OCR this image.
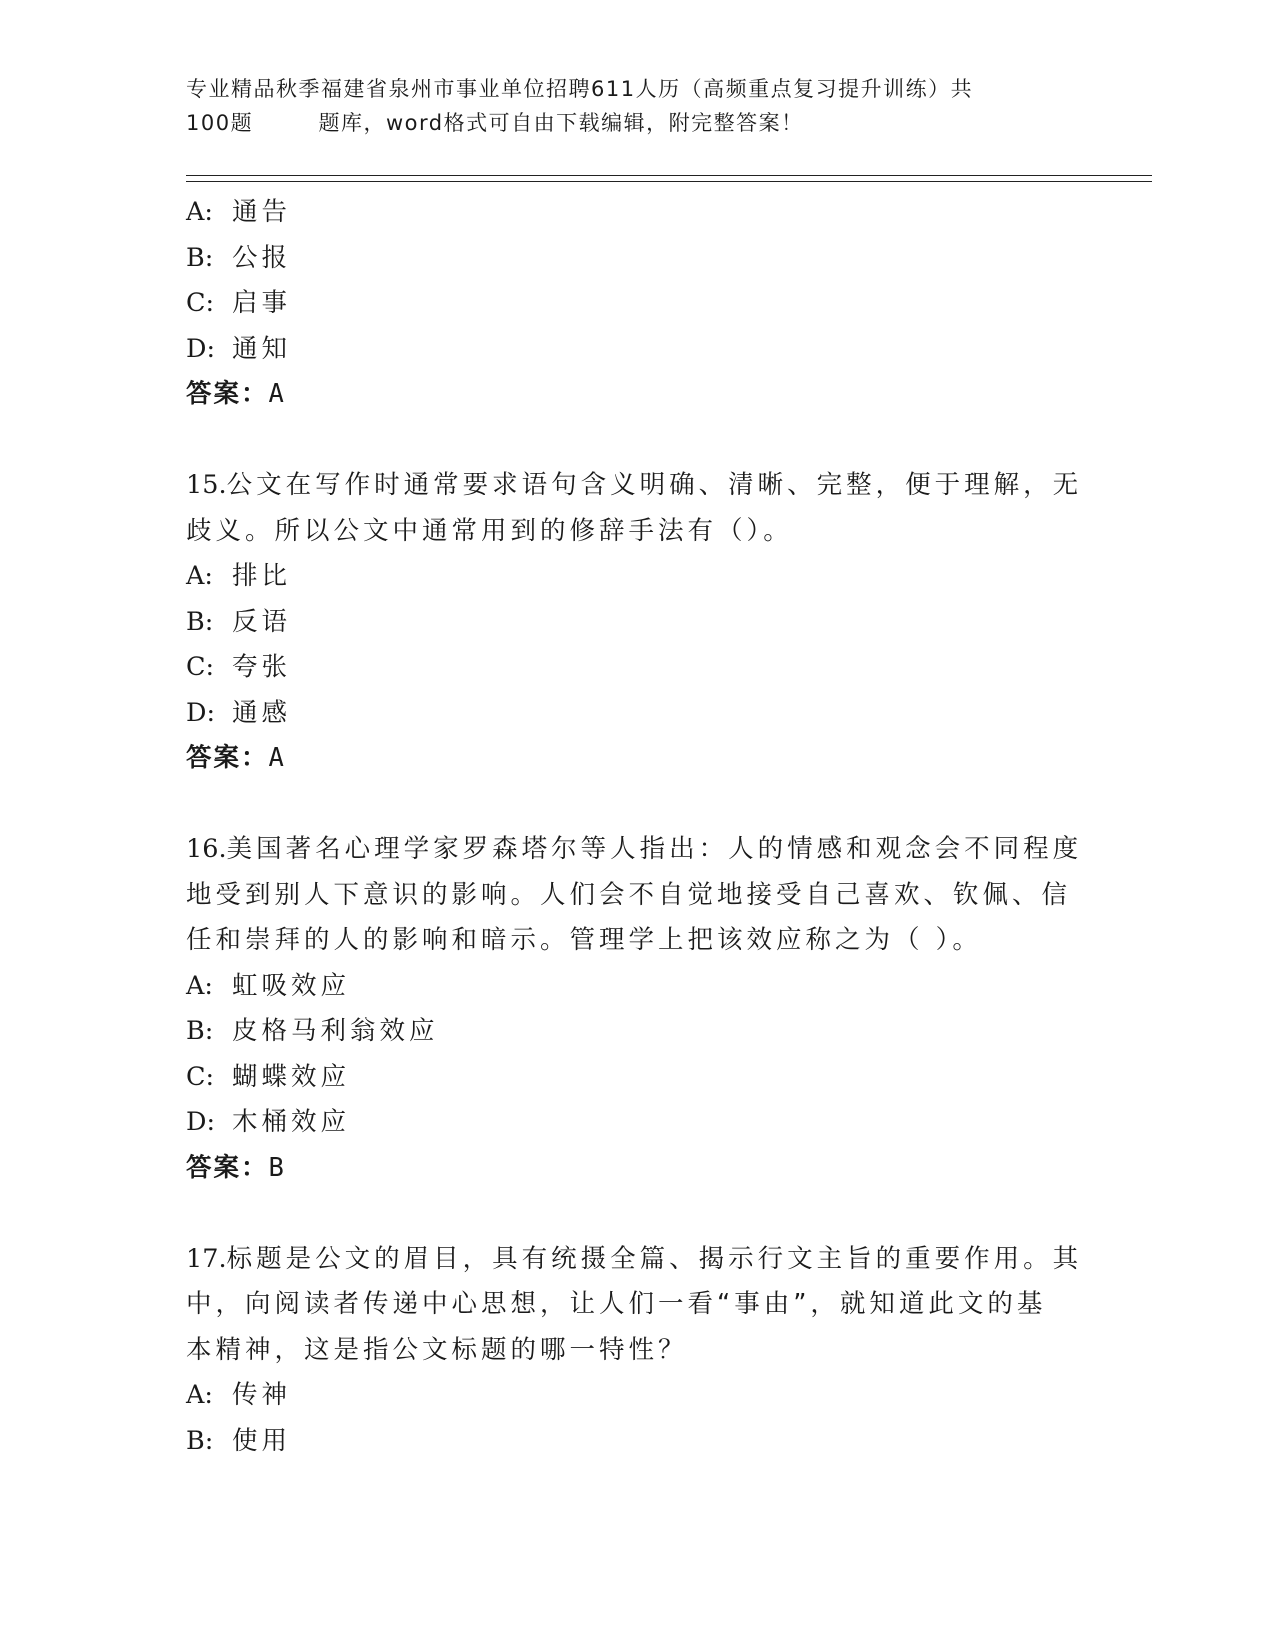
专业精品秋季福建省泉州市事业单位招聘611人历（高频重点复习提升训练）共
100题        题库，word格式可自由下载编辑，附完整答案！
A: 通告
B: 公报
C: 启事
D: 通知
答案：A
15.公文在写作时通常要求语句含义明确、清晰、完整，便于理解，无
歧义。所以公文中通常用到的修辞手法有（）。
A: 排比
B: 反语
C: 夸张
D: 通感
答案：A
16.美国著名心理学家罗森塔尔等人指出：人的情感和观念会不同程度
地受到别人下意识的影响。人们会不自觉地接受自己喜欢、钦佩、信
任和崇拜的人的影响和暗示。管理学上把该效应称之为（ ）。
A: 虹吸效应
B: 皮格马利翁效应
C: 蝴蝶效应
D: 木桶效应
答案：B
17.标题是公文的眉目，具有统摄全篇、揭示行文主旨的重要作用。其
中，向阅读者传递中心思想，让人们一看“事由”，就知道此文的基
本精神，这是指公文标题的哪一特性？
A: 传神
B: 使用
